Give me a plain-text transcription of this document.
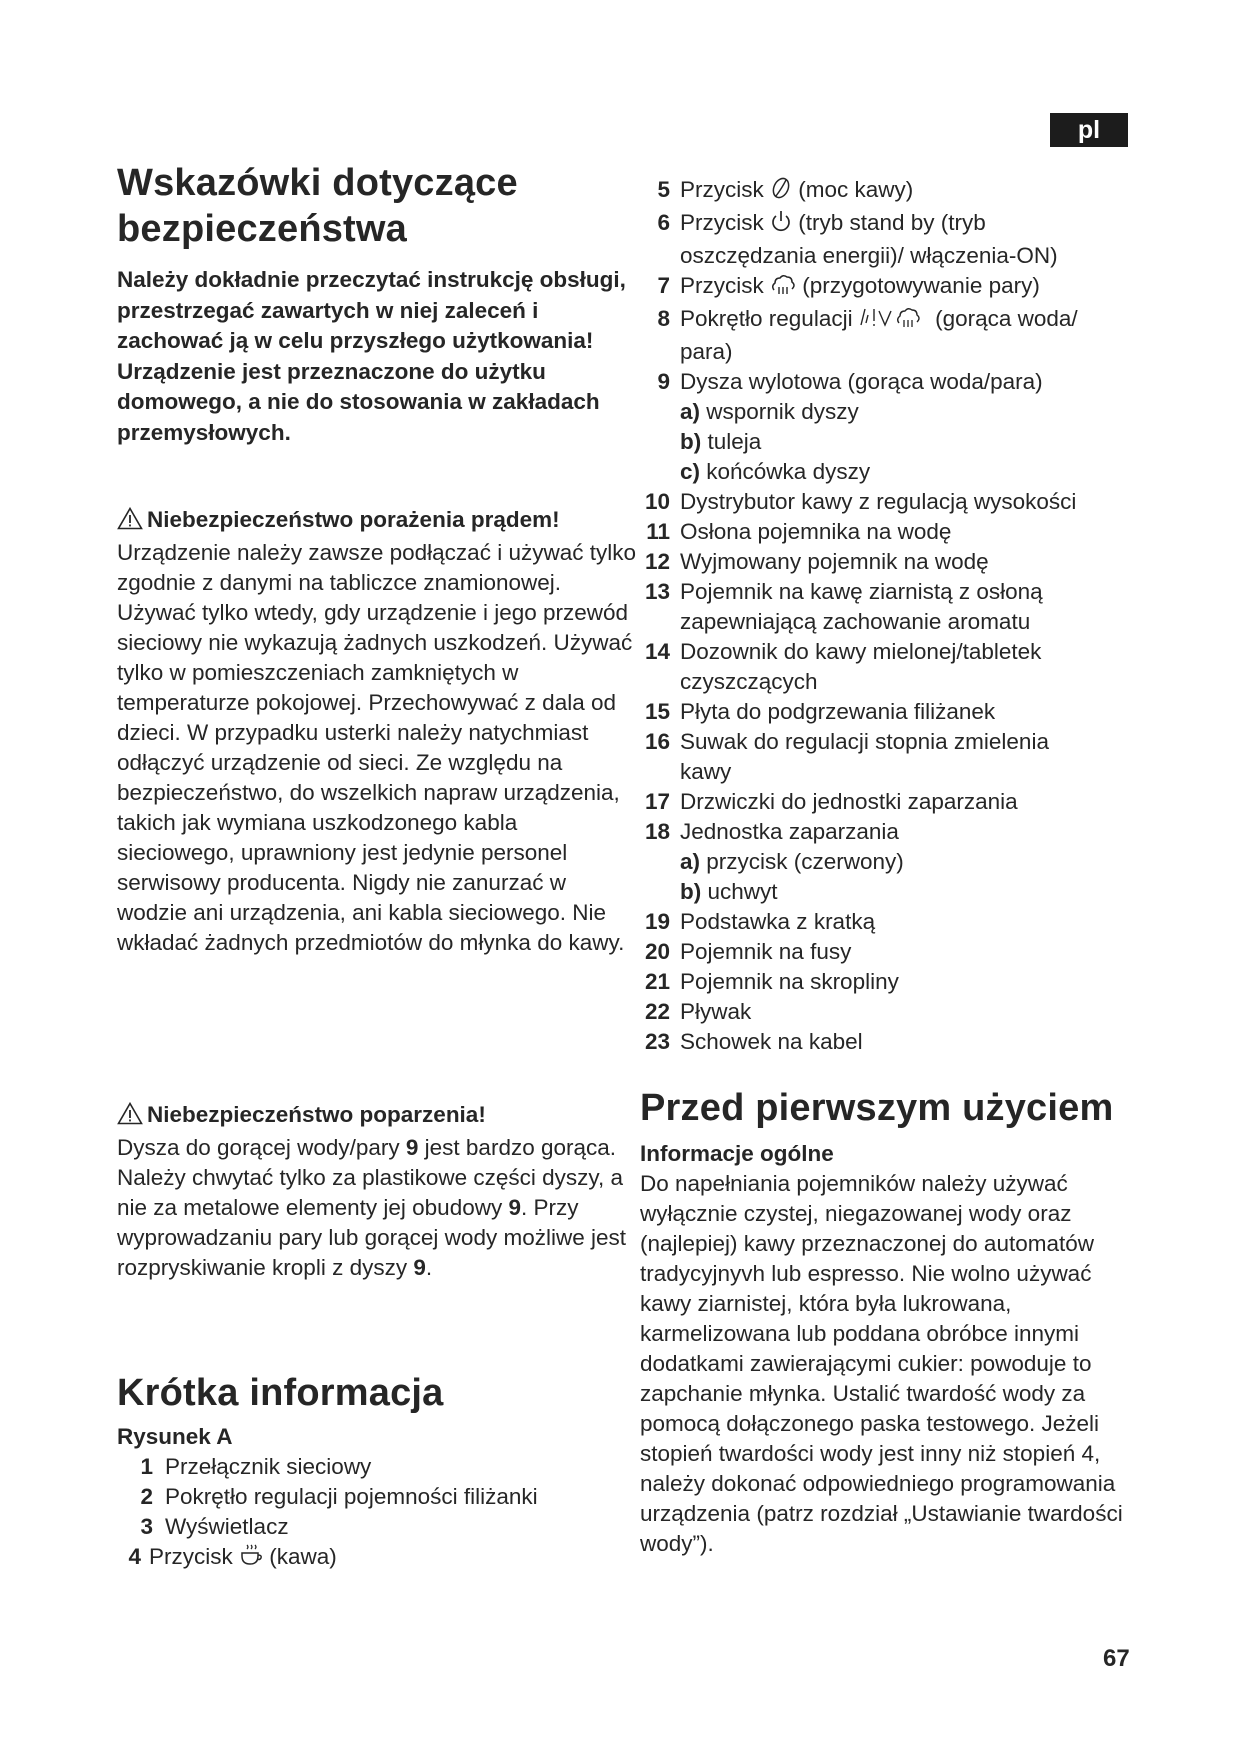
pl
Wskazówki dotyczące
bezpieczeństwa

Należy dokładnie przeczytać instrukcję obsługi, przestrzegać zawartych w niej zaleceń i zachować ją w celu przyszłego użytkowania! Urządzenie jest przeznaczone do użytku domowego, a nie do stosowania w zakładach przemysłowych.

Niebezpieczeństwo porażenia prądem!

Urządzenie należy zawsze podłączać i używać tylko zgodnie z danymi na tabliczce znamionowej. Używać tylko wtedy, gdy urządzenie i jego przewód sieciowy nie wykazują żadnych uszkodzeń. Używać tylko w pomieszczeniach zamkniętych w temperaturze pokojowej. Przechowywać z dala od dzieci. W przypadku usterki należy natychmiast odłączyć urządzenie od sieci. Ze względu na bezpieczeństwo, do wszelkich napraw urządzenia, takich jak wymiana uszkodzonego kabla sieciowego, uprawniony jest jedynie personel serwisowy producenta. Nigdy nie zanurzać w wodzie ani urządzenia, ani kabla sieciowego. Nie wkładać żadnych przedmiotów do młynka do kawy.

Niebezpieczeństwo poparzenia!

Dysza do gorącej wody/pary 9 jest bardzo gorąca. Należy chwytać tylko za plastikowe części dyszy, a nie za metalowe elementy jej obudowy 9. Przy wyprowadzaniu pary lub gorącej wody możliwe jest rozpryskiwanie kropli z dyszy 9.

Krótka informacja

Rysunek A

1 Przełącznik sieciowy
2 Pokrętło regulacji pojemności filiżanki
3 Wyświetlacz
4 Przycisk  (kawa)
5 Przycisk  (moc kawy)
6 Przycisk  (tryb stand by (tryb
oszczędzania energii)/ włączenia-ON)
7 Przycisk  (przygotowywanie pary)
8 Pokrętło regulacji	(gorąca woda/
para)
9 Dysza wylotowa (gorąca woda/para)
a) wspornik dyszy
b) tuleja
c) końcówka dyszy
10 Dystrybutor kawy z regulacją wysokości
11 Osłona pojemnika na wodę
12 Wyjmowany pojemnik na wodę
13 Pojemnik na kawę ziarnistą z osłoną
zapewniającą zachowanie aromatu
14 Dozownik do kawy mielonej/tabletek
czyszczących
15 Płyta do podgrzewania filiżanek
16 Suwak do regulacji stopnia zmielenia
kawy
17 Drzwiczki do jednostki zaparzania
18 Jednostka zaparzania
a) przycisk (czerwony)
b) uchwyt
19 Podstawka z kratką
20 Pojemnik na fusy
21 Pojemnik na skropliny
22 Pływak
23 Schowek na kabel
Przed pierwszym użyciem

Informacje ogólne

Do napełniania pojemników należy używać wyłącznie czystej, niegazowanej wody oraz (najlepiej) kawy przeznaczonej do automatów tradycyjnyvh lub espresso. Nie wolno używać kawy ziarnistej, która była lukrowana, karmelizowana lub poddana obróbce innymi dodatkami zawierającymi cukier: powoduje to zapchanie młynka. Ustalić twardość wody za pomocą dołączonego paska testowego. Jeżeli stopień twardości wody jest inny niż stopień 4, należy dokonać odpowiedniego programowania urządzenia (patrz rozdział „Ustawianie twardości wody”).

67
